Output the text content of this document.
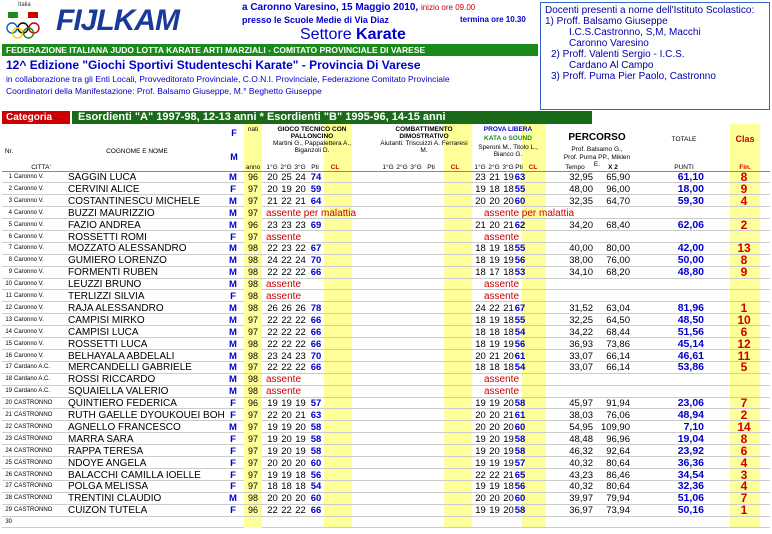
Italia FIJLKAM	a Caronno Varesino, 15 Maggio 2010, inizio ore 09.00
presso le Scuole Medie di Via Diaz	termina ore 10.30
Settore Karate
Docenti presenti a nome dell'Istituto Scolastico:
1) Proff. Balsamo Giuseppe
I.C.S.Castronno, S,M, Macchi
Caronno Varesino
2) Proff. Valenti Sergio - I.C.S.
Cardano Al Campo
3) Proff. Puma Pier Paolo, Castronno
FEDERAZIONE ITALIANA JUDO LOTTA KARATE ARTI MARZIALI - COMITATO PROVINCIALE DI VARESE
12^ Edizione "Giochi Sportivi Studenteschi Karate" - Provincia Di Varese
in collaborazione tra gli Enti Locali, Provveditorato Provinciale, C.O.N.I. Provinciale, Federazione Comitato Provinciale
Coordinatori della Manifestazione: Prof. Balsamo Giuseppe, M.° Beghetto Giuseppe
Categoria	Esordienti "A" 1997-98, 12-13 anni * Esordienti "B" 1995-96, 14-15 anni
Nr.	COGNOME E NOME
CITTA'
F
M
nati
anno
GIOCO TECNICO CON PALLONCINO
Martini G., Pappalettera A., Biganzoli D.
COMBATTIMENTO DIMOSTRATIVO
Aiutanti: Triscuizzi A. Ferraresi M.
PROVA LIBERA
KATA o SOUND
Speroni M., Titolo L., Bianco G.
PERCORSO
Prof. Balsamo G.,
Prof. Puma PP., Miklen E.
TOTALE	Clas
1°G 2°G 3°G Pti	CL	1°G 2°G 3°G Pti	CL	1°G 2°G 3°G Pti CL	Tempo	X 2	PUNTI	Fin.
1 Caronno V.	SAGGIN LUCA	M	96 20 25 24 74	23 21 19 63	32,95	65,90	61,10	8
2 Caronno V.	CERVINI ALICE	F	97 20 19 20 59	19 18 18 55	48,00	96,00	18,00	9
3 Caronno V.	COSTANTINESCU MICHELE	M	97 21 22 21 64	20 20 20 60	32,35	64,70	59,30	4
4 Caronno V.	BUZZI MAURIZZIO	M	97 assente per malattia	assente per malattia
5 Caronno V.	FAZIO ANDREA	M	96 23 23 23 69	21 20 21 62	34,20	68,40	62,06	2
6 Caronno V.	ROSSETTI ROMI	F	97 assente	assente
7 Caronno V.	MOZZATO ALESSANDRO	M	98 22 23 22 67	18 19 18 55	40,00	80,00	42,00	13
8 Caronno V.	GUMIERO LORENZO	M	98 24 22 24 70	18 19 19 56	38,00	76,00	50,00	8
9 Caronno V.	FORMENTI RUBEN	M	98 22 22 22 66	18 17 18 53	34,10	68,20	48,80	9
10 Caronno V.	LEUZZI BRUNO	M	98 assente	assente
11 Caronno V.	TERLIZZI SILVIA	F	98 assente	assente
12 Caronno V.	RAJA ALESSANDRO	M	98 26 26 26 78	24 22 21 67	31,52	63,04	81,96	1
13 Caronno V.	CAMPISI MIRKO	M	97 22 22 22 66	18 19 18 55	32,25	64,50	48,50	10
14 Caronno V.	CAMPISI LUCA	M	97 22 22 22 66	18 18 18 54	34,22	68,44	51,56	6
15 Caronno V.	ROSSETTI LUCA	M	98 22 22 22 66	18 19 19 56	36,93	73,86	45,14	12
16 Caronno V.	BELHAYALA ABDELALI	M	98 23 24 23 70	20 21 20 61	33,07	66,14	46,61	11
17 Cardano A.C.	MERCANDELLI GABRIELE	M	97 22 22 22 66	18 18 18 54	33,07	66,14	53,86	5
18 Cardano A.C.	ROSSI RICCARDO	M	98 assente	assente
19 Cardano A.C.	SQUAIELLA VALERIO	M	98 assente	assente
20 CASTRONNO	QUINTIERO FEDERICA	F	96 19 19 19 57	19 19 20 58	45,97	91,94	23,06	7
21 CASTRONNO	RUTH GAELLE DYOUKOUEI BOH F	97 22 20 21 63	20 20 21 61	38,03	76,06	48,94	2
22 CASTRONNO	AGNELLO FRANCESCO	M	97 19 19 20 58	20 20 20 60	54,95 109,90	7,10	14
23 CASTRONNO	MARRA SARA	F	97 19 20 19 58	19 20 19 58	48,48	96,96	19,04	8
24 CASTRONNO	RAPPA TERESA	F	97 19 20 19 58	19 20 19 58	46,32	92,64	23,92	6
25 CASTRONNO	NDOYE ANGELA	F	97 20 20 20 60	19 19 19 57	40,32	80,64	36,36	4
26 CASTRONNO	BALACCHI CAMILLA IOELLE	F	97 19 19 18 56	22 22 21 65	43,23	86,46	34,54	3
27 CASTRONNO	POLGA MELISSA	F	97 18 18 18 54	19 19 18 56	40,32	80,64	32,36	4
28 CASTRONNO	TRENTINI CLAUDIO	M	98 20 20 20 60	20 20 20 60	39,97	79,94	51,06	7
29 CASTRONNO	CUIZON TUTELA	F	96 22 22 22 66	19 19 20 58	36,97	73,94	50,16	1
30
